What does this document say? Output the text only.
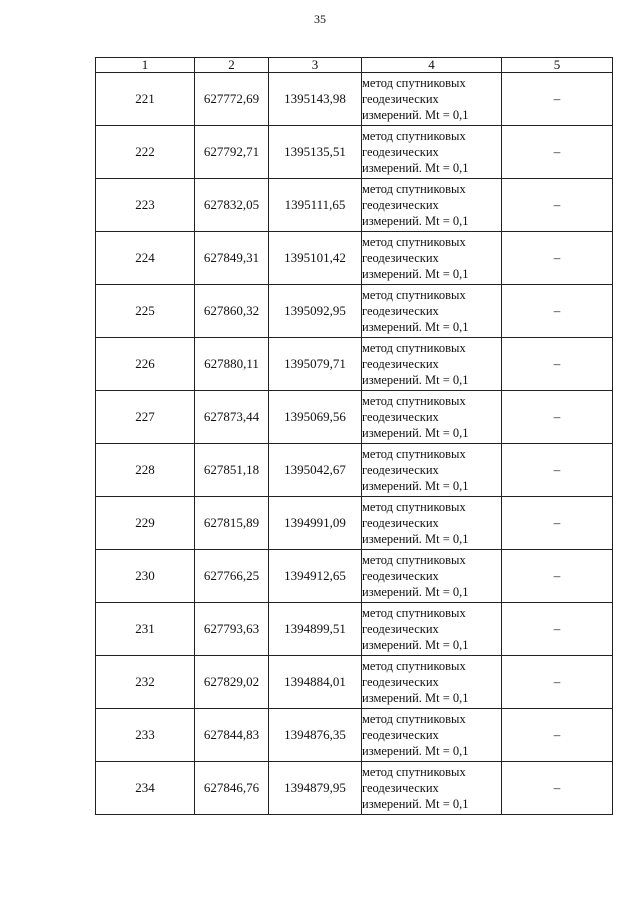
35
1	2	3	4	5
221	627772,69	1395143,98	метод спутниковых
геодезических
измерений. Mt = 0,1	–
222	627792,71	1395135,51	метод спутниковых
геодезических
измерений. Mt = 0,1	–
223	627832,05	1395111,65	метод спутниковых
геодезических
измерений. Mt = 0,1	–
224	627849,31	1395101,42	метод спутниковых
геодезических
измерений. Mt = 0,1	–
225	627860,32	1395092,95	метод спутниковых
геодезических
измерений. Mt = 0,1	–
226	627880,11	1395079,71	метод спутниковых
геодезических
измерений. Mt = 0,1	–
227	627873,44	1395069,56	метод спутниковых
геодезических
измерений. Mt = 0,1	–
228	627851,18	1395042,67	метод спутниковых
геодезических
измерений. Mt = 0,1	–
229	627815,89	1394991,09	метод спутниковых
геодезических
измерений. Mt = 0,1	–
230	627766,25	1394912,65	метод спутниковых
геодезических
измерений. Mt = 0,1	–
231	627793,63	1394899,51	метод спутниковых
геодезических
измерений. Mt = 0,1	–
232	627829,02	1394884,01	метод спутниковых
геодезических
измерений. Mt = 0,1	–
233	627844,83	1394876,35	метод спутниковых
геодезических
измерений. Mt = 0,1	–
234	627846,76	1394879,95	метод спутниковых
геодезических
измерений. Mt = 0,1	–
